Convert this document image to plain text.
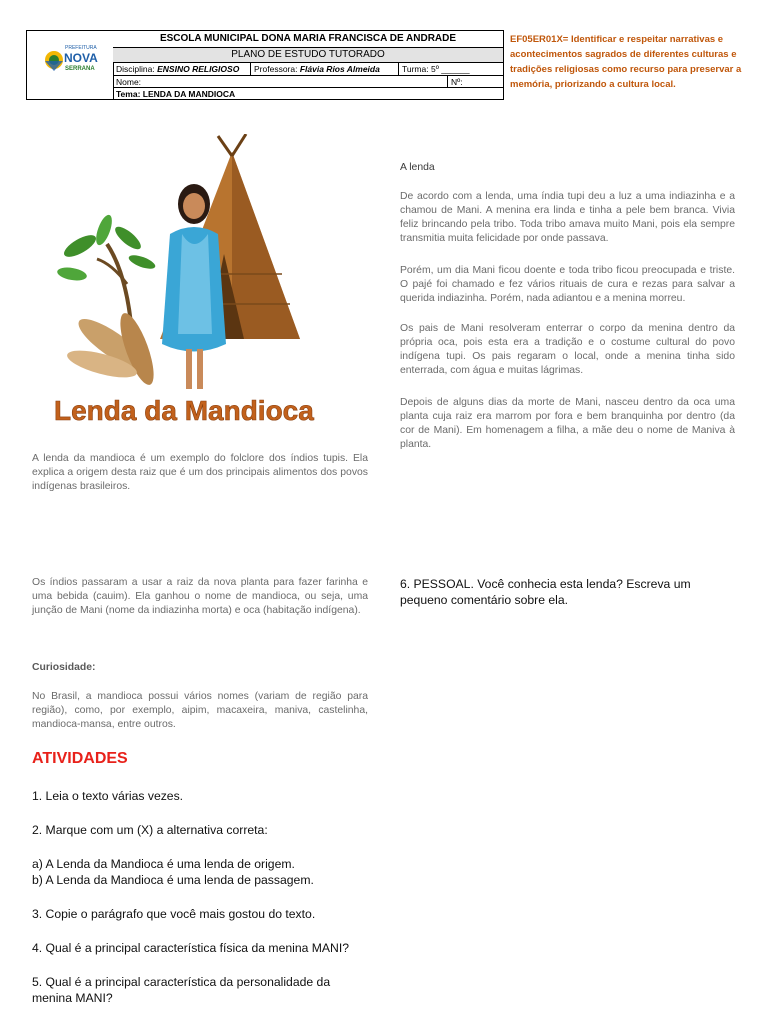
PREFEITURA
NOVA
SERRANA
ESCOLA MUNICIPAL DONA MARIA FRANCISCA DE ANDRADE
PLANO DE ESTUDO TUTORADO
Disciplina: ENSINO RELIGIOSO	Professora: Flávia Rios Almeida	Turma: 5º ______
Nome:	Nº:
Tema: LENDA DA MANDIOCA
EF05ER01X= Identificar e respeitar narrativas e acontecimentos sagrados de diferentes culturas e tradições religiosas como recurso para preservar a memória, priorizando a cultura local.
Lenda da Mandioca
A lenda da mandioca é um exemplo do folclore dos índios tupis. Ela explica a origem desta raiz que é um dos principais alimentos dos povos indígenas brasileiros.
Os índios passaram a usar a raiz da nova planta para fazer farinha e uma bebida (cauim). Ela ganhou o nome de mandioca, ou seja, uma junção de Mani (nome da indiazinha morta) e oca (habitação indígena).
Curiosidade:
No Brasil, a mandioca possui vários nomes (variam de região para região), como, por exemplo, aipim, macaxeira, maniva, castelinha, mandioca-mansa, entre outros.
A lenda
De acordo com a lenda, uma índia tupi deu a luz a uma indiazinha e a chamou de Mani. A menina era linda e tinha a pele bem branca. Vivia feliz brincando pela tribo. Toda tribo amava muito Mani, pois ela sempre transmitia muita felicidade por onde passava.
Porém, um dia Mani ficou doente e toda tribo ficou preocupada e triste. O pajé foi chamado e fez vários rituais de cura e rezas para salvar a querida indiazinha. Porém, nada adiantou e a menina morreu.
Os pais de Mani resolveram enterrar o corpo da menina dentro da própria oca, pois esta era a tradição e o costume cultural do povo indígena tupi. Os pais regaram o local, onde a menina tinha sido enterrada, com água e muitas lágrimas.
Depois de alguns dias da morte de Mani, nasceu dentro da oca uma planta cuja raiz era marrom por fora e bem branquinha por dentro (da cor de Mani). Em homenagem a filha, a mãe deu o nome de Maniva à planta.
6. PESSOAL. Você conhecia esta lenda? Escreva um pequeno comentário sobre ela.
ATIVIDADES
1. Leia o texto várias vezes.
2. Marque com um (X) a alternativa correta:
a) A Lenda da Mandioca é uma lenda de origem.
b) A Lenda da Mandioca é uma lenda de passagem.
3. Copie o parágrafo que você mais gostou do texto.
4. Qual é a principal característica física da menina MANI?
5. Qual é a principal característica da personalidade da
menina MANI?
